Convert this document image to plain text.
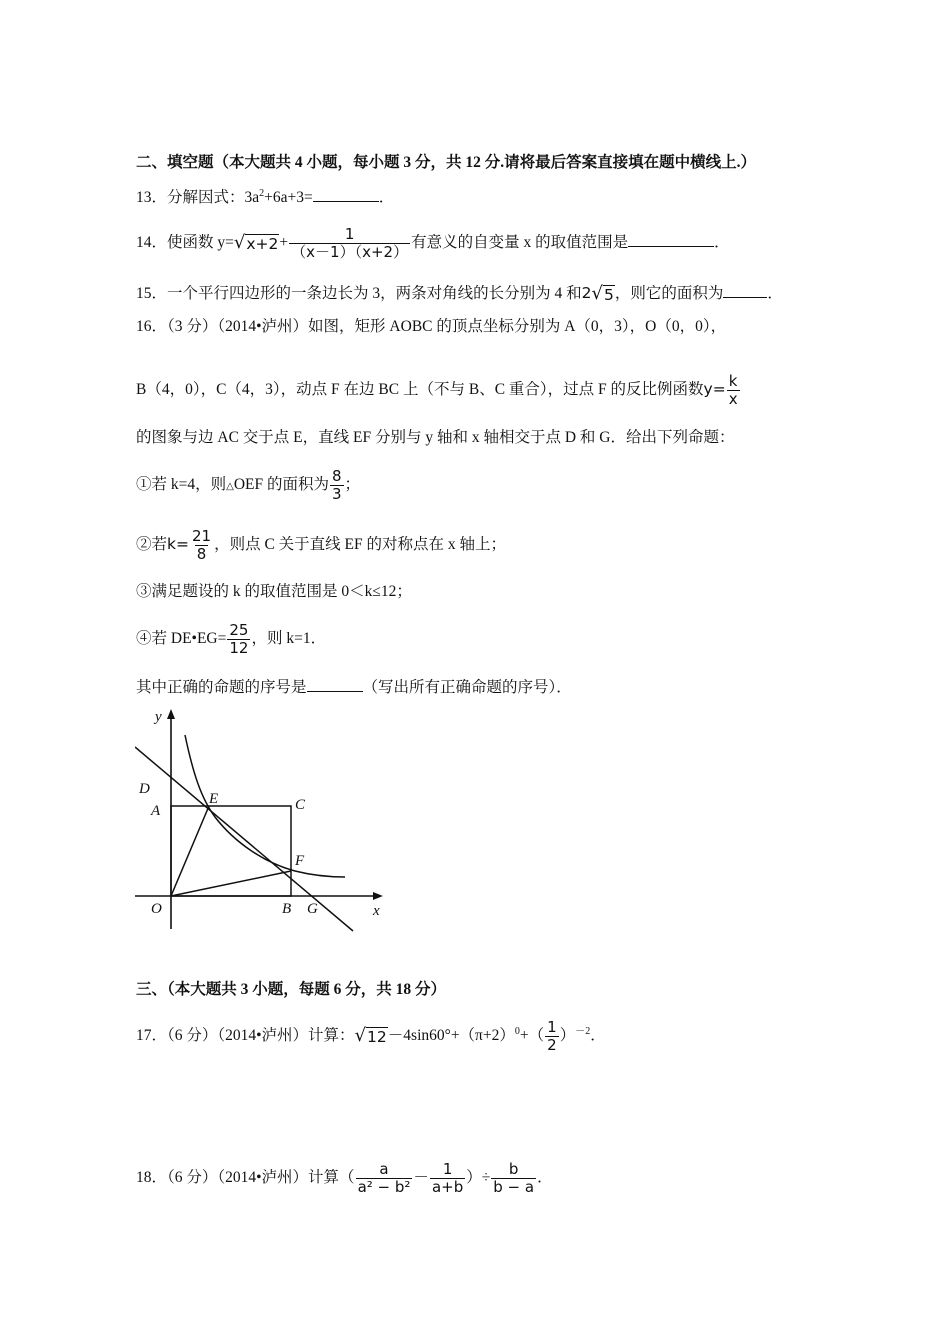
二、填空题（本大题共 4 小题，每小题 3 分，共 12 分.请将最后答案直接填在题中横线上.）
13．分解因式：$3a^2+6a+3=$	．
14．使函数 y= √ $x+2 + \frac{1}{(x-1)(x+2)}$ 有意义的自变量 x 的取值范围是	．
15．一个平行四边形的一条边长为 3，两条对角线的长分别为 4 和2 √ 5 ，则它的面积为	．
16．（3 分）（2014•泸州）如图，矩形 AOBC 的顶点坐标分别为 A（0，3），O（0，0），
B（4，0），C（4，3），动点 F 在边 BC 上（不与 B、C 重合），过点 F 的反比例函数$y= \frac{k}{x}$
的图象与边 AC 交于点 E，直线 EF 分别与 y 轴和 x 轴相交于点 D 和 G．给出下列命题：
①若 k=4，则△OEF 的面积为 $\frac{8}{3}$ ；
②若$k= \frac{21}{8}$ ，则点 C 关于直线 EF 的对称点在 x 轴上；
③满足题设的 k 的取值范围是 0＜k≤12；
④若 DE•EG= $\frac{25}{12}$ ，则 k=1．
其中正确的命题的序号是	（写出所有正确命题的序号）．
y
D
A
E	C
F
O	B G	x
三、（本大题共 3 小题，每题 6 分，共 18 分）
17．（6 分）（2014•泸州）计算： √ $12 -4\sin 60^\circ+(\pi+2)^0+( \frac{1}{2} )^{-2}$．
18．（6 分）（2014•泸州）计算（ $\frac{a}{\text{a² − b²}} - \frac{1}{a+b}$ ）÷ $\frac{b}{b - a}$ ．
